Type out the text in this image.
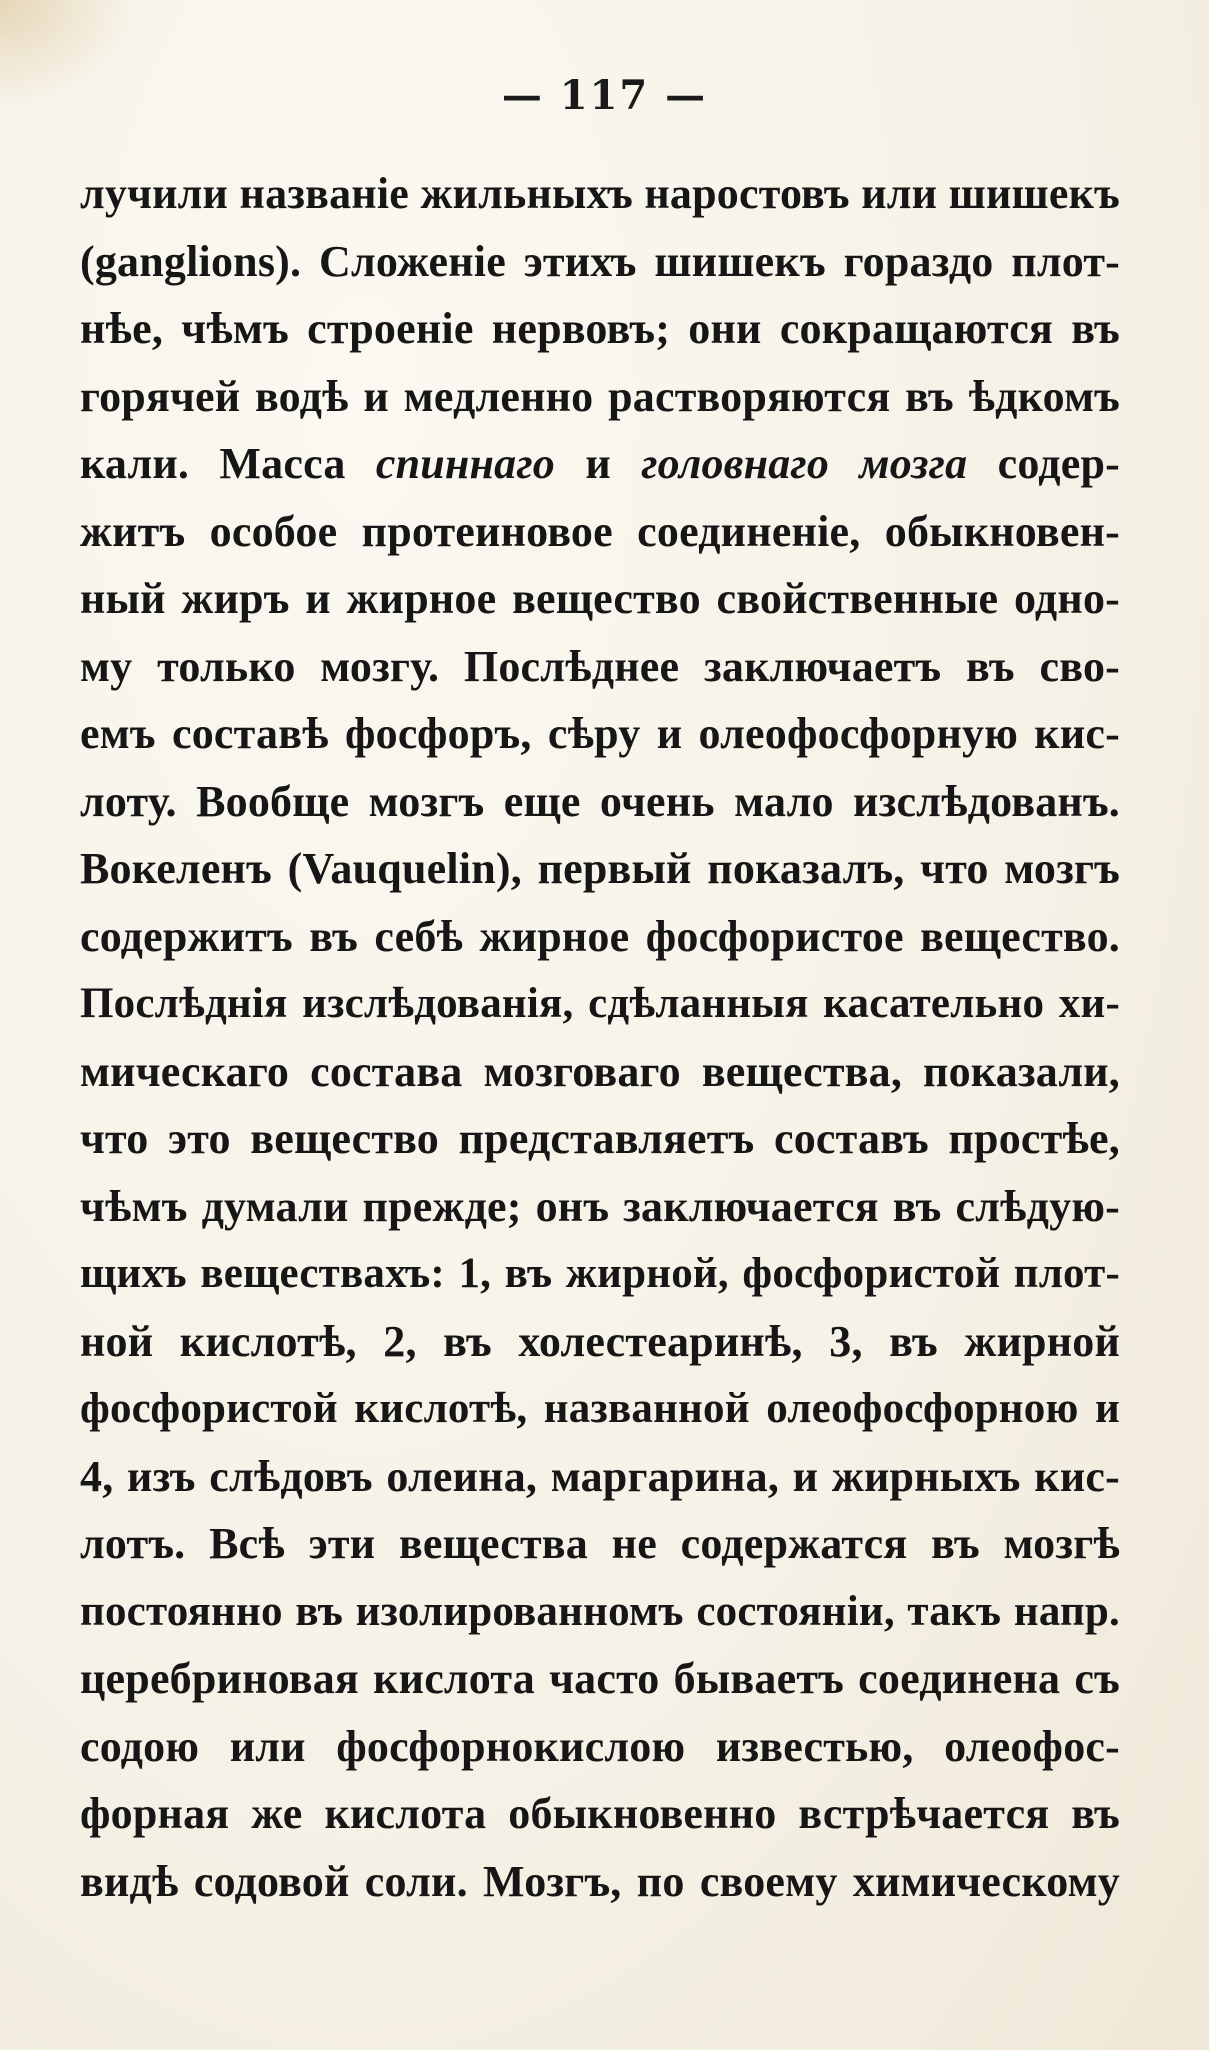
— 117 —
лучили названіе жильныхъ наростовъ или шишекъ
(ganglions). Сложеніе этихъ шишекъ гораздо плот-
нѣе, чѣмъ строеніе нервовъ; они сокращаются въ
горячей водѣ и медленно растворяются въ ѣдкомъ
кали. Масса спиннаго и головнаго мозга содер-
житъ особое протеиновое соединеніе, обыкновен-
ный жиръ и жирное вещество свойственные одно-
му только мозгу. Послѣднее заключаетъ въ сво-
емъ составѣ фосфоръ, сѣру и олеофосфорную кис-
лоту. Вообще мозгъ еще очень мало изслѣдованъ.
Вокеленъ (Vauquelin), первый показалъ, что мозгъ
содержитъ въ себѣ жирное фосфористое вещество.
Послѣднія изслѣдованія, сдѣланныя касательно хи-
мическаго состава мозговаго вещества, показали,
что это вещество представляетъ составъ простѣе,
чѣмъ думали прежде; онъ заключается въ слѣдую-
щихъ веществахъ: 1, въ жирной, фосфористой плот-
ной кислотѣ, 2, въ холестеаринѣ, 3, въ жирной
фосфористой кислотѣ, названной олеофосфорною и
4, изъ слѣдовъ олеина, маргарина, и жирныхъ кис-
лотъ. Всѣ эти вещества не содержатся въ мозгѣ
постоянно въ изолированномъ состояніи, такъ напр.
церебриновая кислота часто бываетъ соединена съ
содою или фосфорнокислою известью, олеофос-
форная же кислота обыкновенно встрѣчается въ
видѣ содовой соли. Мозгъ, по своему химическому
